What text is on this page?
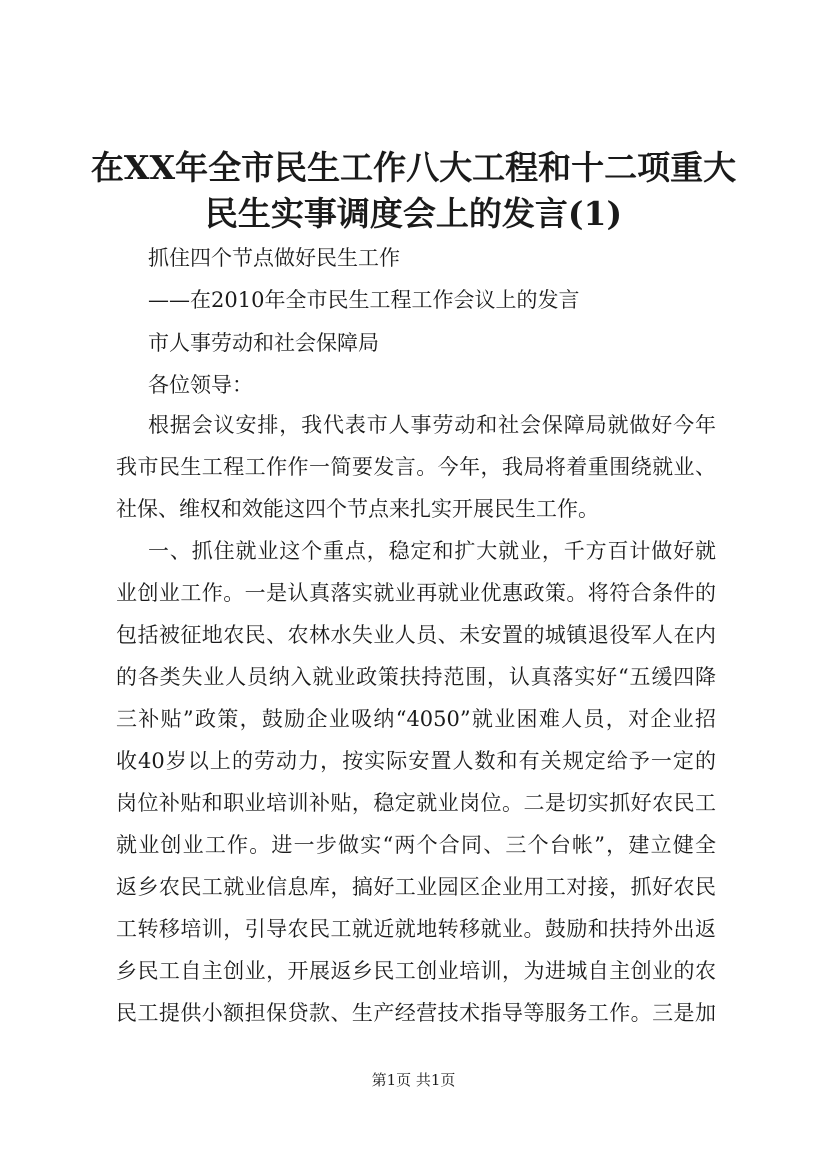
在XX年全市民生工作八大工程和十二项重大
民生实事调度会上的发言(1)
抓住四个节点做好民生工作
——在2010年全市民生工程工作会议上的发言
市人事劳动和社会保障局
各位领导：
根据会议安排，我代表市人事劳动和社会保障局就做好今年
我市民生工程工作作一简要发言。今年，我局将着重围绕就业、
社保、维权和效能这四个节点来扎实开展民生工作。
一、抓住就业这个重点，稳定和扩大就业，千方百计做好就
业创业工作。一是认真落实就业再就业优惠政策。将符合条件的
包括被征地农民、农林水失业人员、未安置的城镇退役军人在内
的各类失业人员纳入就业政策扶持范围，认真落实好“五缓四降
三补贴”政策，鼓励企业吸纳“4050”就业困难人员，对企业招
收40岁以上的劳动力，按实际安置人数和有关规定给予一定的
岗位补贴和职业培训补贴，稳定就业岗位。二是切实抓好农民工
就业创业工作。进一步做实“两个合同、三个台帐”，建立健全
返乡农民工就业信息库，搞好工业园区企业用工对接，抓好农民
工转移培训，引导农民工就近就地转移就业。鼓励和扶持外出返
乡民工自主创业，开展返乡民工创业培训，为进城自主创业的农
民工提供小额担保贷款、生产经营技术指导等服务工作。三是加
第1页 共1页
